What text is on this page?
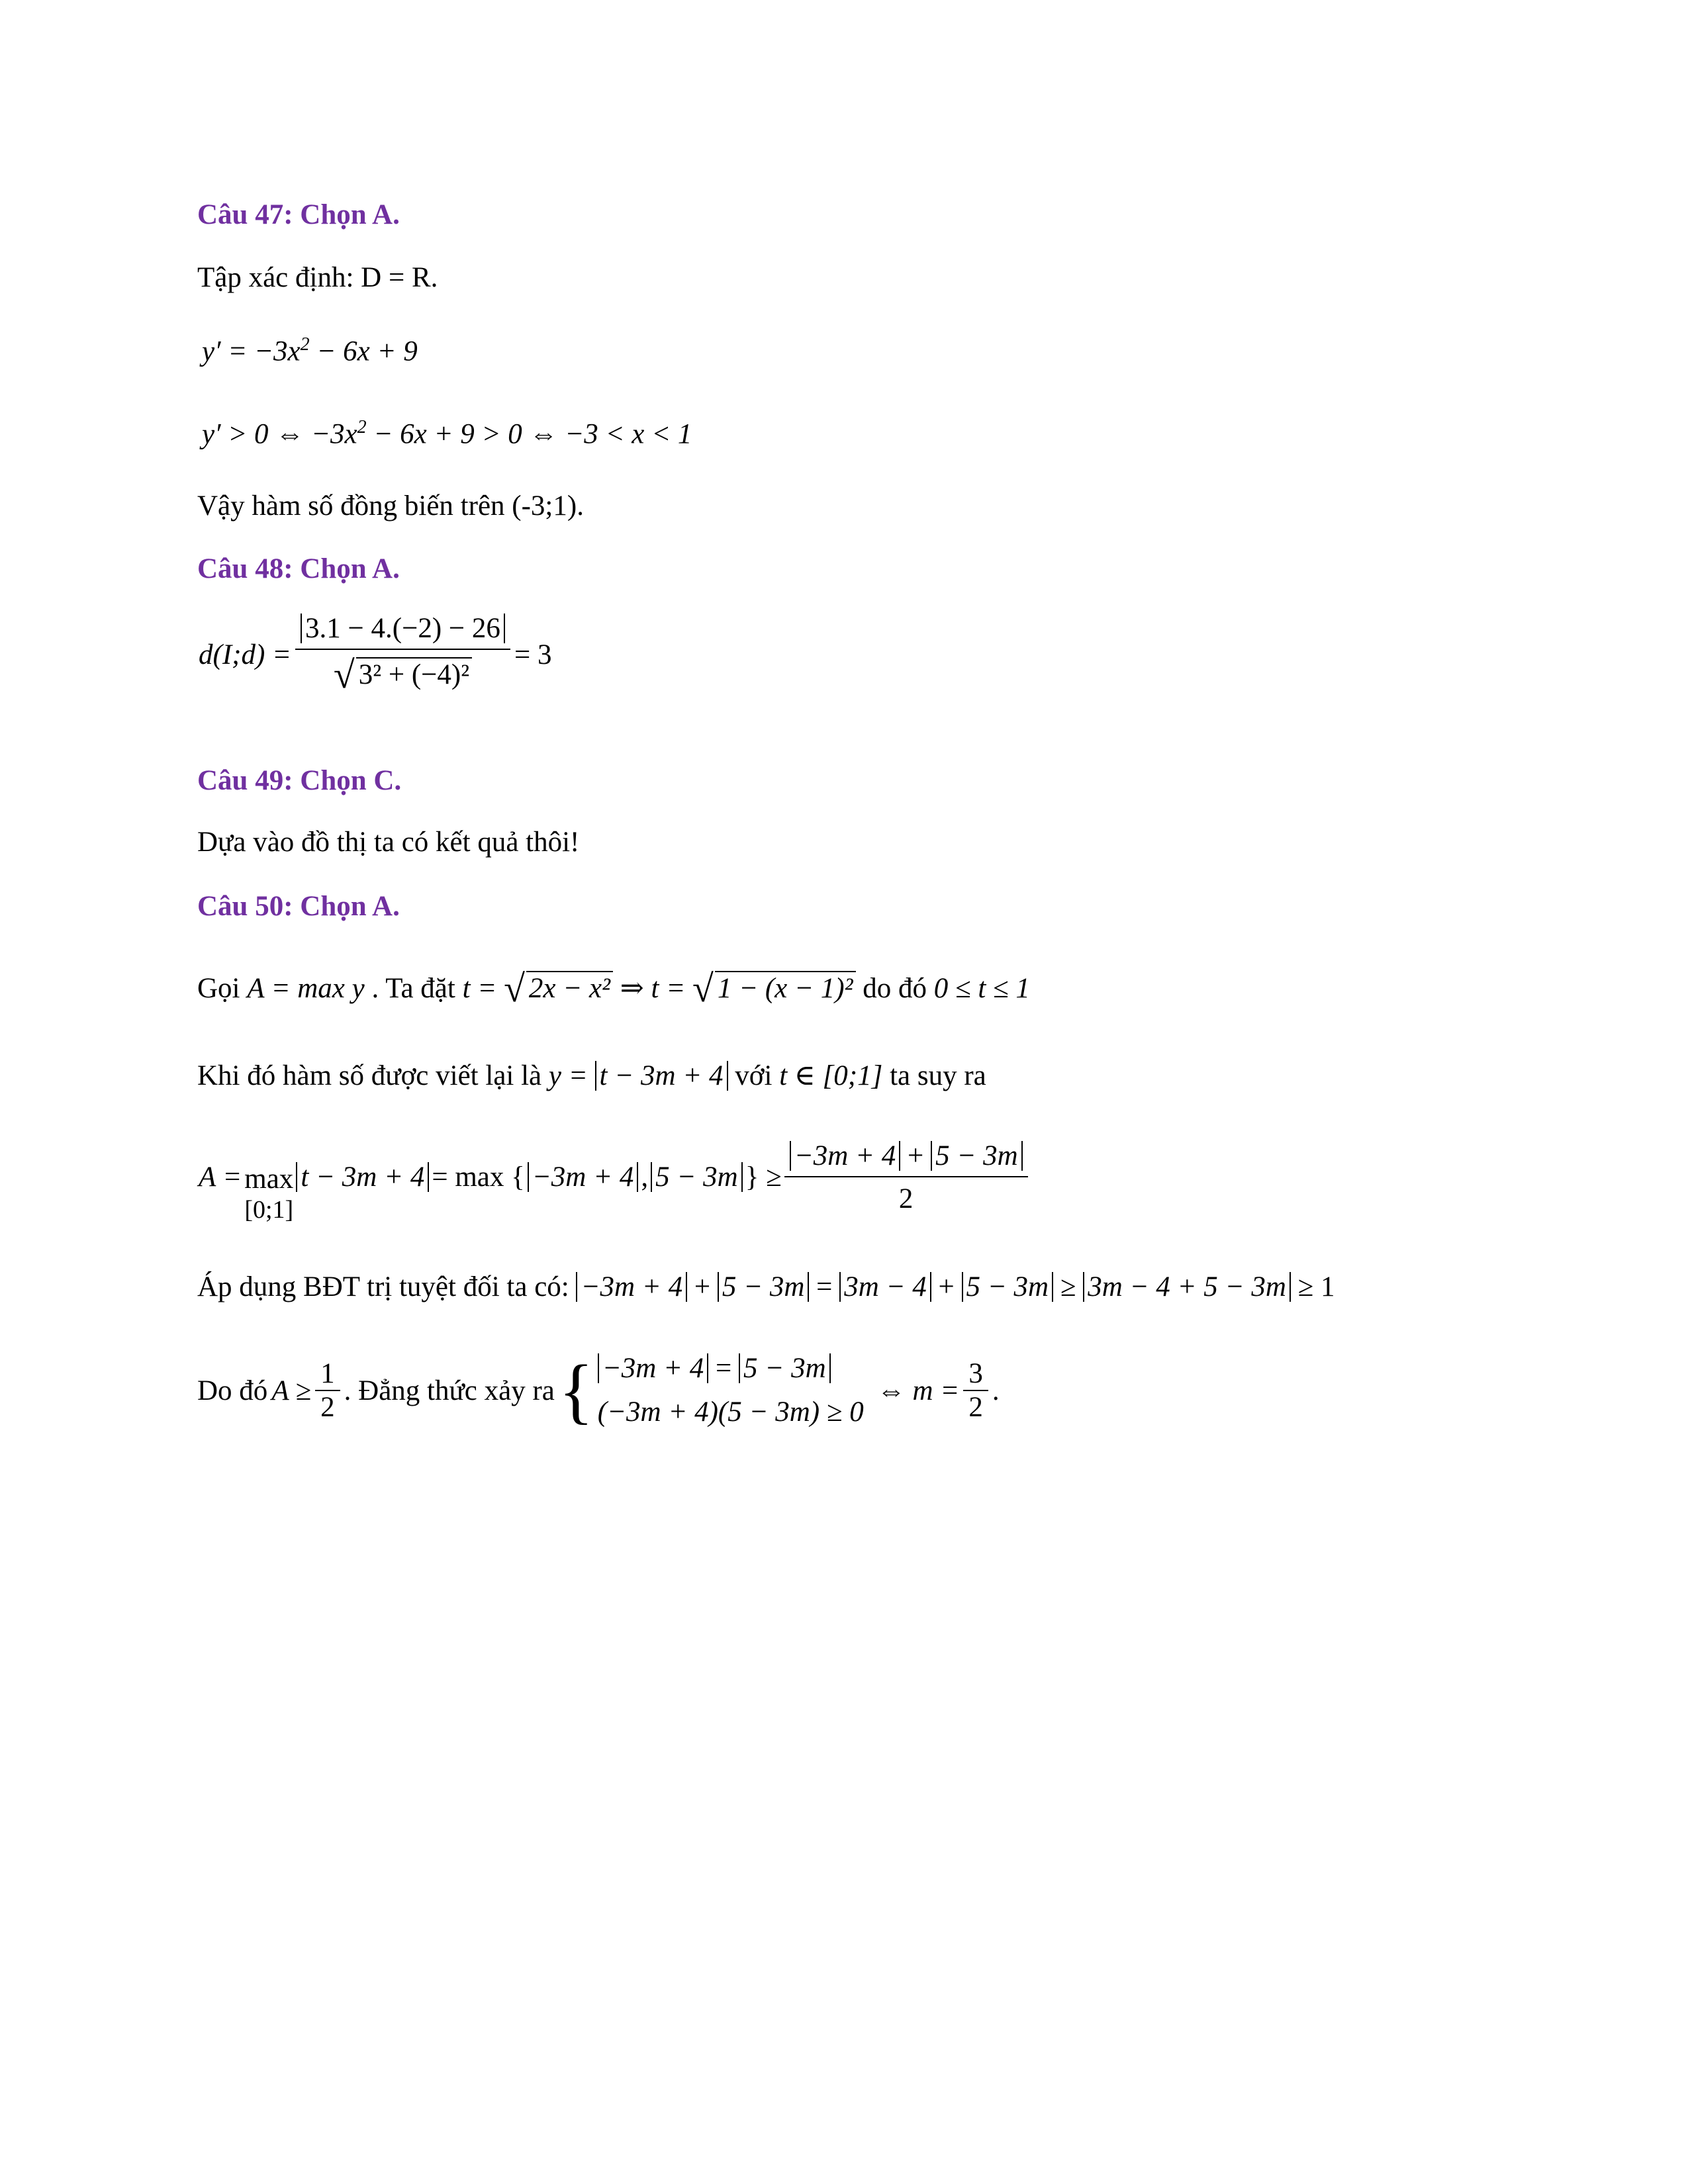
Câu 47: Chọn A.
Tập xác định: D = R.
$y' = -3x^2 - 6x + 9$
y′ > 0 ⇔ $-3x^2 - 6x + 9 > 0$ ⇔ −3 < x < 1
Vậy hàm số đồng biến trên (-3;1).
Câu 48: Chọn A.
d(I;d) = $\frac{3.1 - 4.(-2) - 26}{\text{√ 3² + (−4)²}} = 3$
Câu 49: Chọn C.
Dựa vào đồ thị ta có kết quả thôi!
Câu 50: Chọn A.
Gọi A = max y . Ta đặt t = √ 2x − x² ⇒ t = √ 1 − (x − 1)² do đó 0 ≤ t ≤ 1
Khi đó hàm số được viết lại là y = t − 3m + 4 với t ∈ [0;1] ta suy ra
A = max
[0;1]
t − 3m + 4 = max { −3m + 4 , 5 − 3m } ≥ $\frac{-3m + 4 + 5 - 3m}{2}$
Áp dụng BĐT trị tuyệt đối ta có: −3m + 4 + 5 − 3m = 3m − 4 + 5 − 3m ≥ 3m − 4 + 5 − 3m ≥ 1
Do đó $A \ge \frac{1}{2}$ . Đẳng thức xảy ra { −3m + 4 = 5 − 3m
(−3m + 4)(5 − 3m) ≥ 0
⇔ $m = \frac{3}{2}$ .
